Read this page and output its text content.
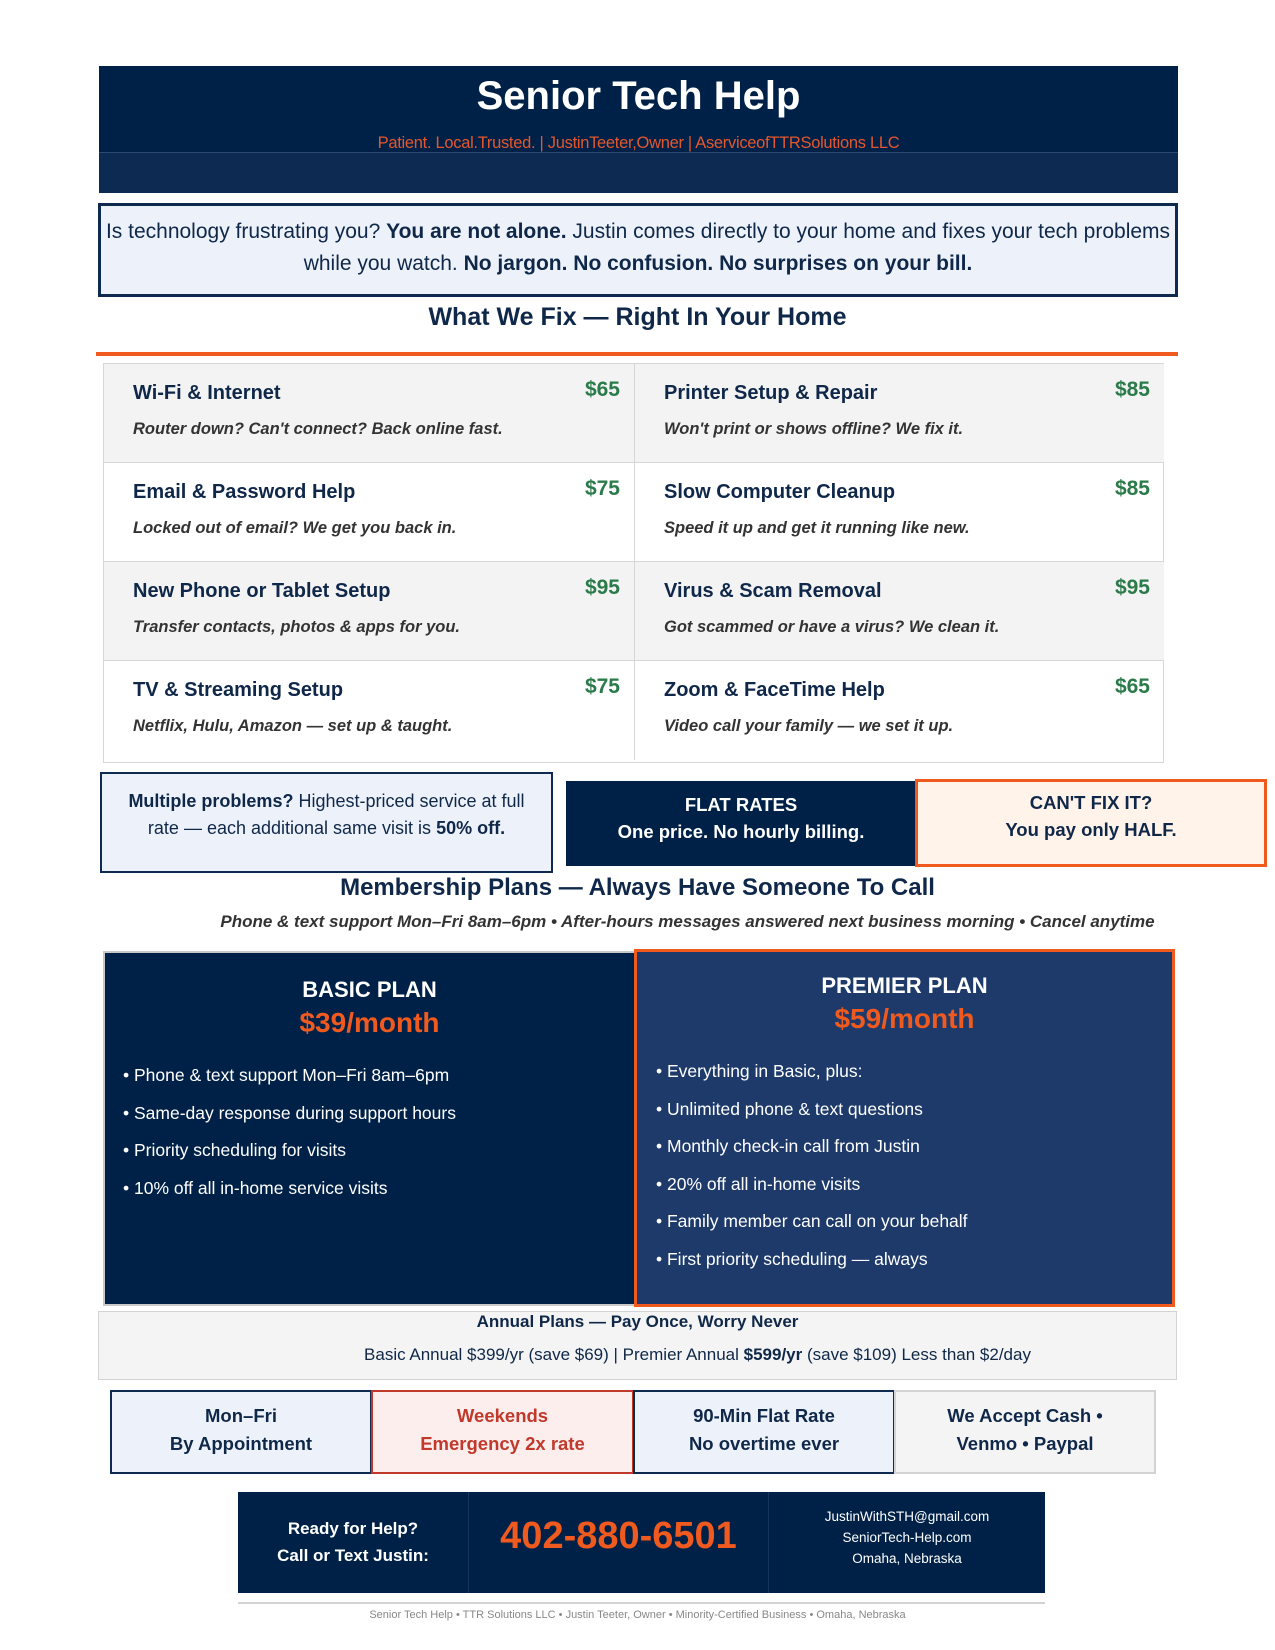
Senior Tech Help
Patient. Local.Trusted. | JustinTeeter,Owner | AserviceofTTRSolutions LLC
Is technology frustrating you? You are not alone. Justin comes directly to your home and fixes your tech problems while you watch. No jargon. No confusion. No surprises on your bill.
What We Fix — Right In Your Home
Wi-Fi & Internet
Router down? Can't connect? Back online fast.
$65 Printer Setup & Repair
Won't print or shows offline? We fix it.
$85
Email & Password Help
Locked out of email? We get you back in.
$75 Slow Computer Cleanup
Speed it up and get it running like new.
$85
New Phone or Tablet Setup
Transfer contacts, photos & apps for you.
$95 Virus & Scam Removal
Got scammed or have a virus? We clean it.
$95
TV & Streaming Setup
Netflix, Hulu, Amazon — set up & taught.
$75 Zoom & FaceTime Help
Video call your family — we set it up.
$65
Multiple problems? Highest-priced service at full rate — each additional same visit is 50% off.
FLAT RATES
One price. No hourly billing.
CAN'T FIX IT?
You pay only HALF.
Membership Plans — Always Have Someone To Call
Phone & text support Mon–Fri 8am–6pm • After-hours messages answered next business morning • Cancel anytime
BASIC PLAN
$39/month
• Phone & text support Mon–Fri 8am–6pm
• Same-day response during support hours
• Priority scheduling for visits
• 10% off all in-home service visits
PREMIER PLAN
$59/month
• Everything in Basic, plus:
• Unlimited phone & text questions
• Monthly check-in call from Justin
• 20% off all in-home visits
• Family member can call on your behalf
• First priority scheduling — always
Annual Plans — Pay Once, Worry Never
Basic Annual $399/yr (save $69) | Premier Annual $599/yr (save $109) Less than $2/day
Mon–Fri
By Appointment
Weekends
Emergency 2x rate
90-Min Flat Rate
No overtime ever
We Accept Cash •
Venmo • Paypal
Ready for Help?
Call or Text Justin:	402-880-6501	JustinWithSTH@gmail.com
SeniorTech-Help.com
Omaha, Nebraska
Senior Tech Help • TTR Solutions LLC • Justin Teeter, Owner • Minority-Certified Business • Omaha, Nebraska
